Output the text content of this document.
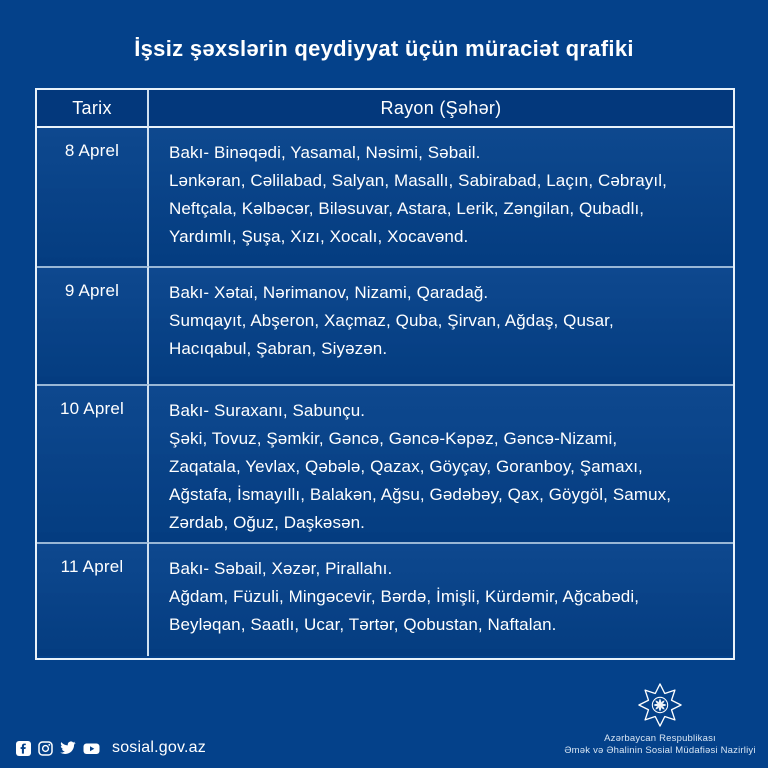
İşsiz şəxslərin qeydiyyat üçün müraciət qrafiki
Tarix	Rayon (Şəhər)
8 Aprel	Bakı- Binəqədi, Yasamal, Nəsimi, Səbail.
Lənkəran, Cəlilabad, Salyan, Masallı, Sabirabad, Laçın, Cəbrayıl,
Neftçala, Kəlbəcər, Biləsuvar, Astara, Lerik, Zəngilan, Qubadlı,
Yardımlı, Şuşa, Xızı, Xocalı, Xocavənd.
9 Aprel	Bakı- Xətai, Nərimanov, Nizami, Qaradağ.
Sumqayıt, Abşeron, Xaçmaz, Quba, Şirvan, Ağdaş, Qusar,
Hacıqabul, Şabran, Siyəzən.
10 Aprel	Bakı- Suraxanı, Sabunçu.
Şəki, Tovuz, Şəmkir, Gəncə, Gəncə-Kəpəz, Gəncə-Nizami,
Zaqatala, Yevlax, Qəbələ, Qazax, Göyçay, Goranboy, Şamaxı,
Ağstafa, İsmayıllı, Balakən, Ağsu, Gədəbəy, Qax, Göygöl, Samux,
Zərdab, Oğuz, Daşkəsən.
11 Aprel	Bakı- Səbail, Xəzər, Pirallahı.
Ağdam, Füzuli, Mingəcevir, Bərdə, İmişli, Kürdəmir, Ağcabədi,
Beyləqan, Saatlı, Ucar, Tərtər, Qobustan, Naftalan.
sosial.gov.az
Azərbaycan Respublikası
Əmək və Əhalinin Sosial Müdafiəsi Nazirliyi
